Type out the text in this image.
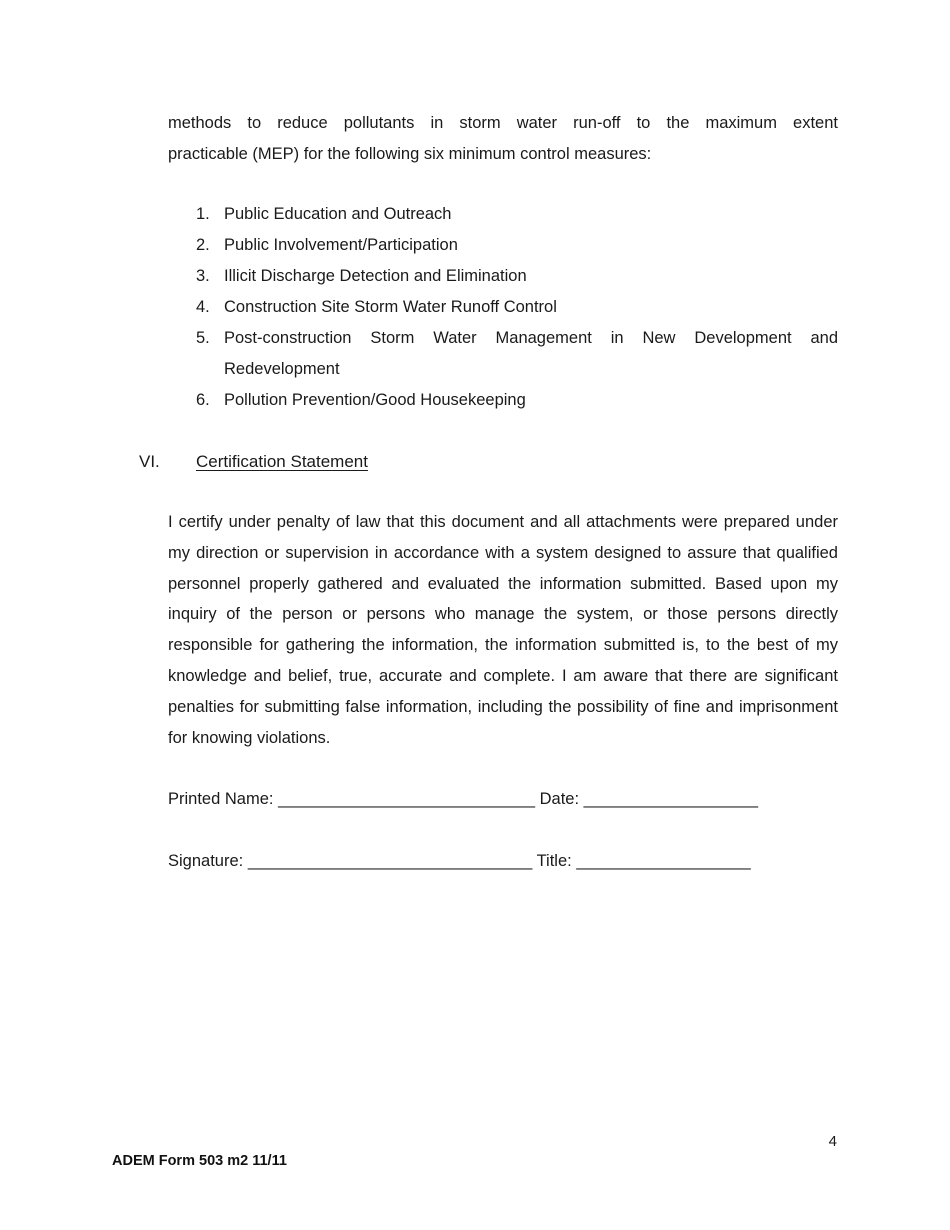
methods to reduce pollutants in storm water run-off to the maximum extent
practicable (MEP) for the following six minimum control measures:
1. Public Education and Outreach
2. Public Involvement/Participation
3. Illicit Discharge Detection and Elimination
4. Construction Site Storm Water Runoff Control
5. Post-construction Storm Water Management in New Development and
Redevelopment
6. Pollution Prevention/Good Housekeeping
VI. Certification Statement
I certify under penalty of law that this document and all attachments were prepared under my direction or supervision in accordance with a system designed to assure that qualified personnel properly gathered and evaluated the information submitted. Based upon my inquiry of the person or persons who manage the system, or those persons directly responsible for gathering the information, the information submitted is, to the best of my knowledge and belief, true, accurate and complete. I am aware that there are significant penalties for submitting false information, including the possibility of fine and imprisonment for knowing violations.
Printed Name: ____________________________ Date: ___________________
Signature: _______________________________ Title: ___________________
4
ADEM Form 503 m2 11/11
